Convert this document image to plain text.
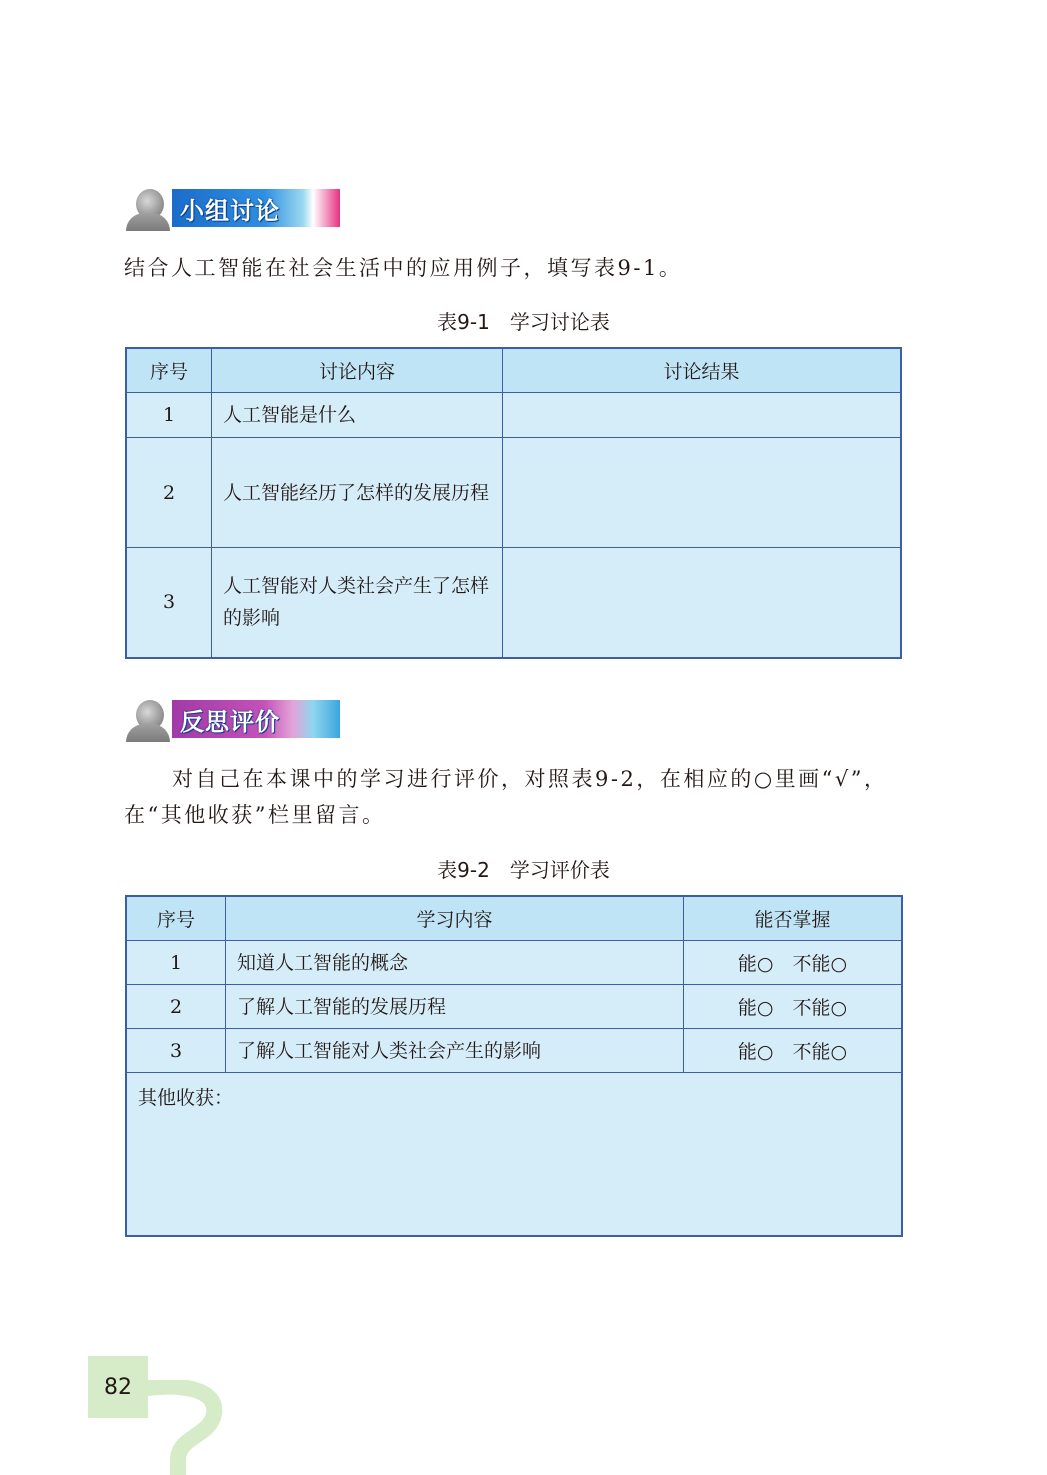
小组讨论
结合人工智能在社会生活中的应用例子，填写表9-1。
表9-1　学习讨论表
序号	讨论内容	讨论结果
1	人工智能是什么	
2	人工智能经历了怎样的发展历程	
3	人工智能对人类社会产生了怎样的影响	
反思评价
对自己在本课中的学习进行评价，对照表9-2，在相应的○里画“√”，在“其他收获”栏里留言。
表9-2　学习评价表
序号	学习内容	能否掌握
1	知道人工智能的概念	能○　不能○
2	了解人工智能的发展历程	能○　不能○
3	了解人工智能对人类社会产生的影响	能○　不能○
其他收获：		
82
